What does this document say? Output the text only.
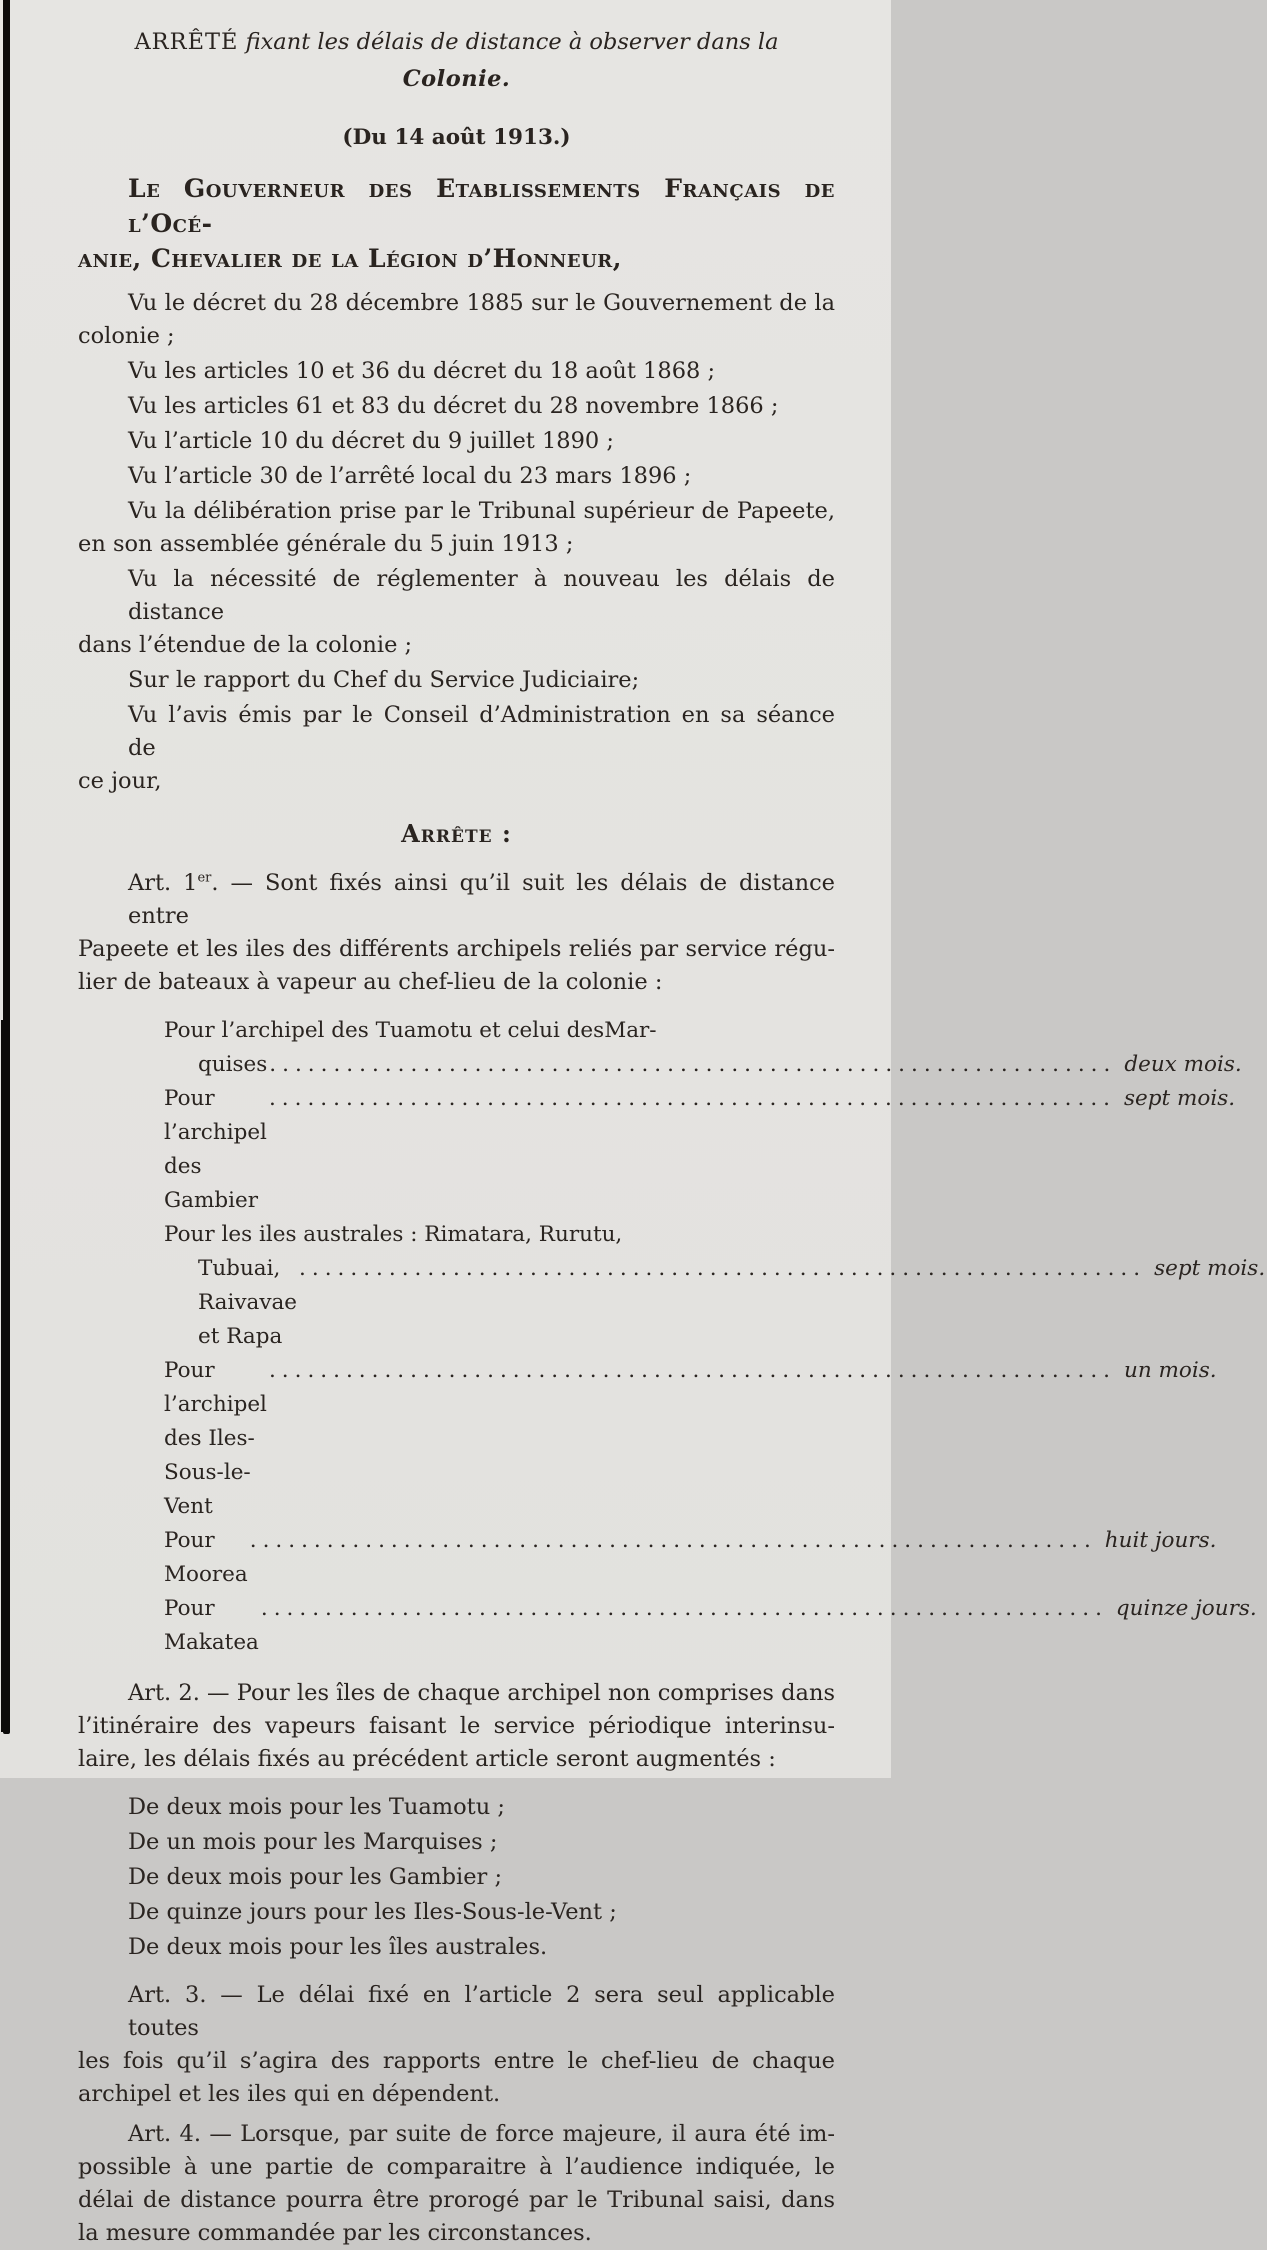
ARRÊTÉ fixant les délais de distance à observer dans la
Colonie.
(Du 14 août 1913.)
Le Gouverneur des Etablissements Français de l’Océ-
anie, Chevalier de la Légion d’Honneur,
Vu le décret du 28 décembre 1885 sur le Gouvernement de la
colonie ;
Vu les articles 10 et 36 du décret du 18 août 1868 ;
Vu les articles 61 et 83 du décret du 28 novembre 1866 ;
Vu l’article 10 du décret du 9 juillet 1890 ;
Vu l’article 30 de l’arrêté local du 23 mars 1896 ;
Vu la délibération prise par le Tribunal supérieur de Papeete,
en son assemblée générale du 5 juin 1913 ;
Vu la nécessité de réglementer à nouveau les délais de distance
dans l’étendue de la colonie ;
Sur le rapport du Chef du Service Judiciaire;
Vu l’avis émis par le Conseil d’Administration en sa séance de
ce jour,
Arrête :
Art. 1er. — Sont fixés ainsi qu’il suit les délais de distance entre
Papeete et les iles des différents archipels reliés par service régu-
lier de bateaux à vapeur au chef-lieu de la colonie :
Pour l’archipel des Tuamotu et celui desMar-
quises .....	deux mois.
Pour l’archipel des Gambier
.....
sept mois.
Pour les iles australes : Rimatara, Rurutu,
Tubuai, Raivavae et Rapa
.....
sept mois.
Pour l’archipel des Iles-Sous-le-Vent
.....
un mois.
Pour Moorea
.....
huit jours.
Pour Makatea
.....
quinze jours.
Art. 2. — Pour les îles de chaque archipel non comprises dans
l’itinéraire des vapeurs faisant le service périodique interinsu-
laire, les délais fixés au précédent article seront augmentés :
De deux mois pour les Tuamotu ;
De un mois pour les Marquises ;
De deux mois pour les Gambier ;
De quinze jours pour les Iles-Sous-le-Vent ;
De deux mois pour les îles australes.
Art. 3. — Le délai fixé en l’article 2 sera seul applicable toutes
les fois qu’il s’agira des rapports entre le chef-lieu de chaque
archipel et les iles qui en dépendent.
Art. 4. — Lorsque, par suite de force majeure, il aura été im-
possible à une partie de comparaitre à l’audience indiquée, le
délai de distance pourra être prorogé par le Tribunal saisi, dans
la mesure commandée par les circonstances.
